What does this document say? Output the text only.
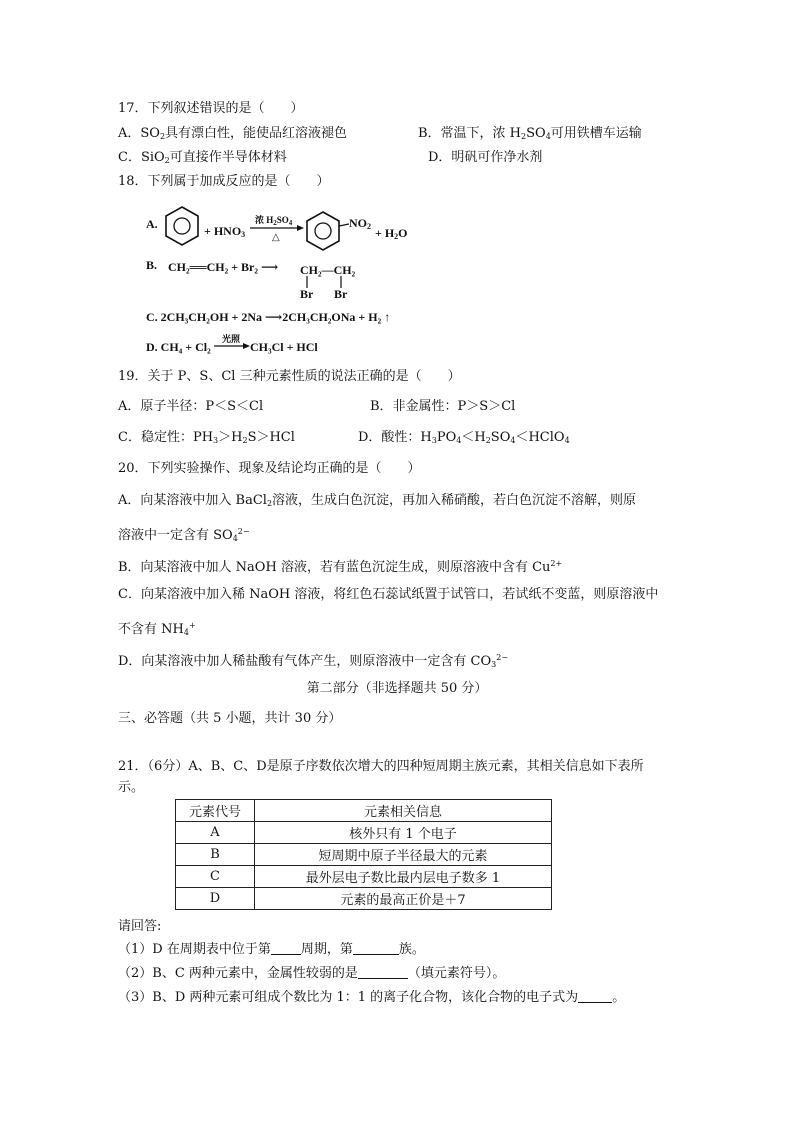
17．下列叙述错误的是（　　）
A．$SO_2$具有漂白性，能使品红溶液褪色	B．常温下，浓 $H_2SO_4$可用铁槽车运输
C．SiO$_2$可直接作半导体材料	D．明矾可作净水剂
18．下列属于加成反应的是（　　）
A.	+ $HNO_3$
浓 $H_2SO_4$
△
$NO_2 + H_2O$
B. CH₂══CH₂ + Br₂ ⟶ CH₂—CH₂
Br Br
C. 2CH₃CH₂OH + 2Na ⟶2CH₃CH₂ONa + H₂ ↑
D. CH₄ + Cl₂
光照
→ CH₃Cl + HCl
19．关于 P、S、Cl 三种元素性质的说法正确的是（　　）
A．原子半径：P＜S＜Cl	B．非金属性：P＞S＞Cl
C．稳定性：$PH_3>H_2S>HCl$	D．酸性：$H_3PO_4<H_2SO_4<HClO_4$
20．下列实验操作、现象及结论均正确的是（　　）
A．向某溶液中加入 BaCl$_2$溶液，生成白色沉淀，再加入稀硝酸，若白色沉淀不溶解，则原
溶液中一定含有 $SO_4^{2-}$
B．向某溶液中加人 NaOH 溶液，若有蓝色沉淀生成，则原溶液中含有 $Cu^{2+}$
C．向某溶液中加入稀 NaOH 溶液，将红色石蕊试纸置于试管口，若试纸不变蓝，则原溶液中
不含有 $NH_4^+$
D．向某溶液中加人稀盐酸有气体产生，则原溶液中一定含有 $CO_3^{2-}$
第二部分（非选择题共 50 分）
三、必答题（共 5 小题，共计 30 分）
21．（6分）A、B、C、D是原子序数依次增大的四种短周期主族元素，其相关信息如下表所
示。
元素代号	元素相关信息
A	核外只有 1 个电子
B	短周期中原子半径最大的元素
C	最外层电子数比最内层电子数多 1
D	元素的最高正价是＋7
请回答:
（1）D 在周期表中位于第 周期，第	族。
（2）B、C 两种元素中，金属性较弱的是	（填元素符号）。
（3）B、D 两种元素可组成个数比为 1：1 的离子化合物，该化合物的电子式为	。
